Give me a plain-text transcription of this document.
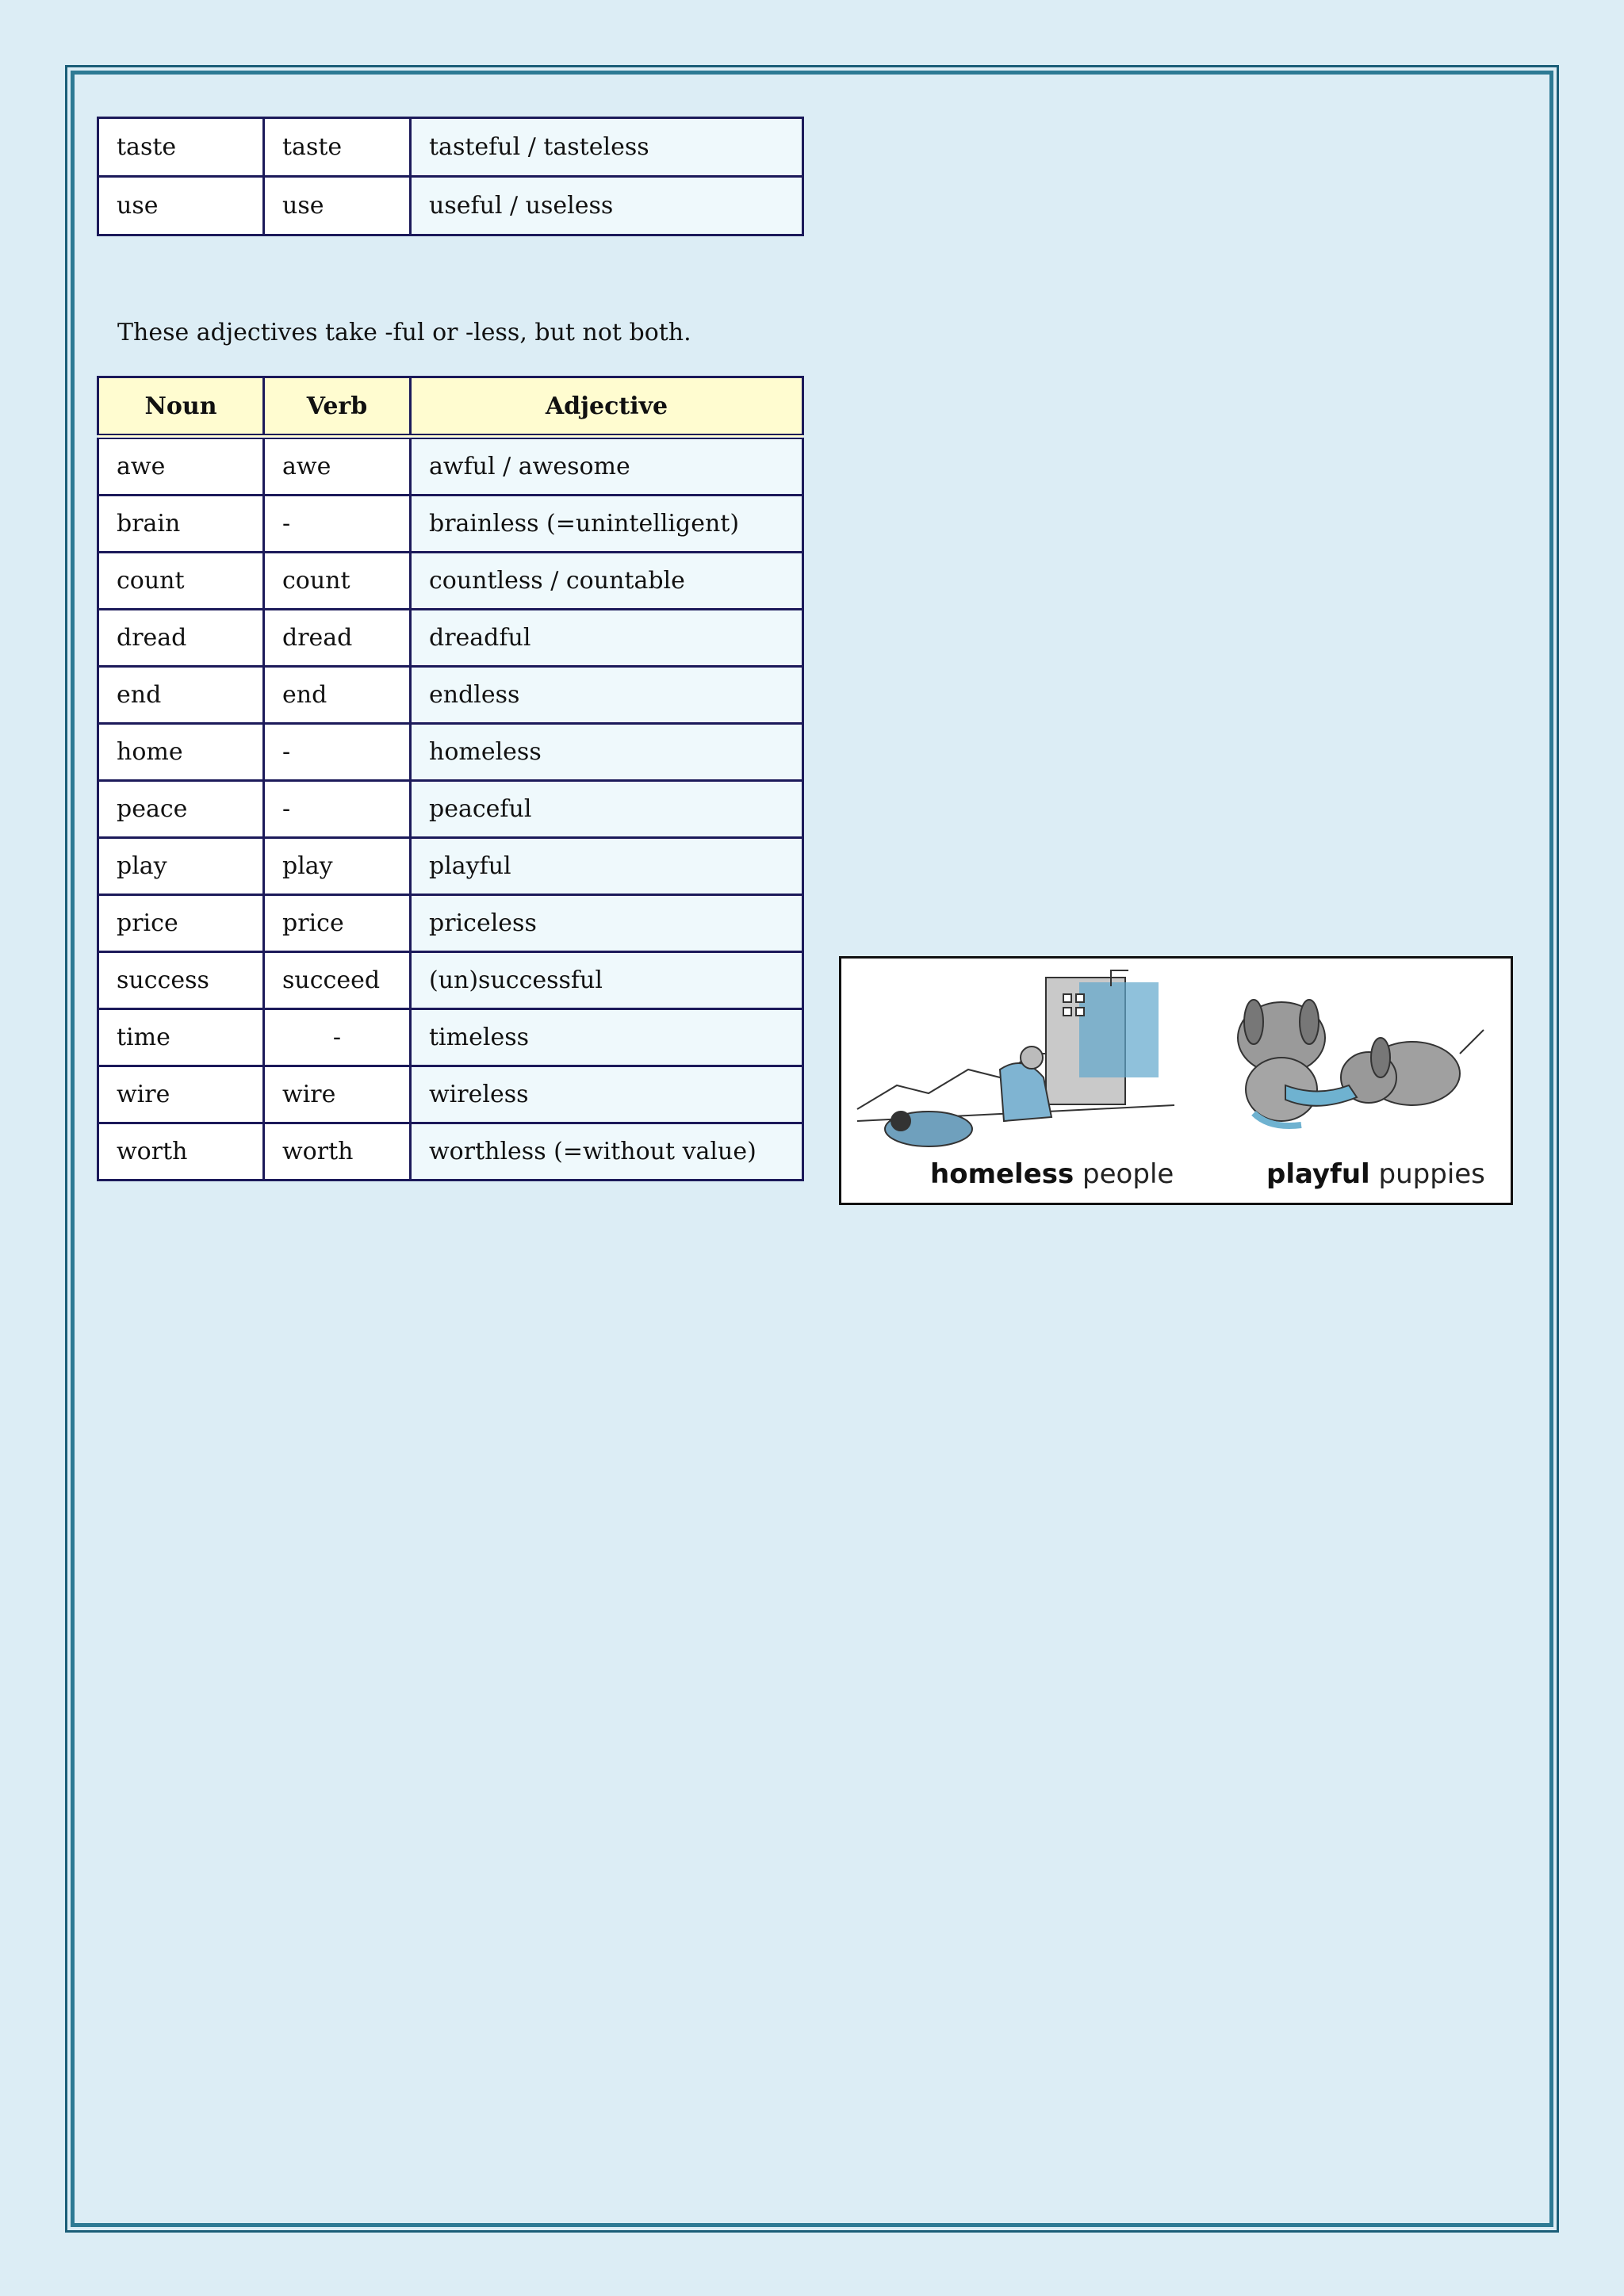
taste	taste	tasteful / tasteless
use	use	useful / useless

These adjectives take -ful or -less, but not both.

Noun	Verb	Adjective
awe	awe	awful / awesome
brain	-	brainless (=unintelligent)
count	count	countless / countable
dread	dread	dreadful
end	end	endless
home	-	homeless
peace	-	peaceful
play	play	playful
price	price	priceless
success	succeed	(un)successful
time	-	timeless
wire	wire	wireless
worth	worth	worthless (=without value)
homeless people	playful puppies
